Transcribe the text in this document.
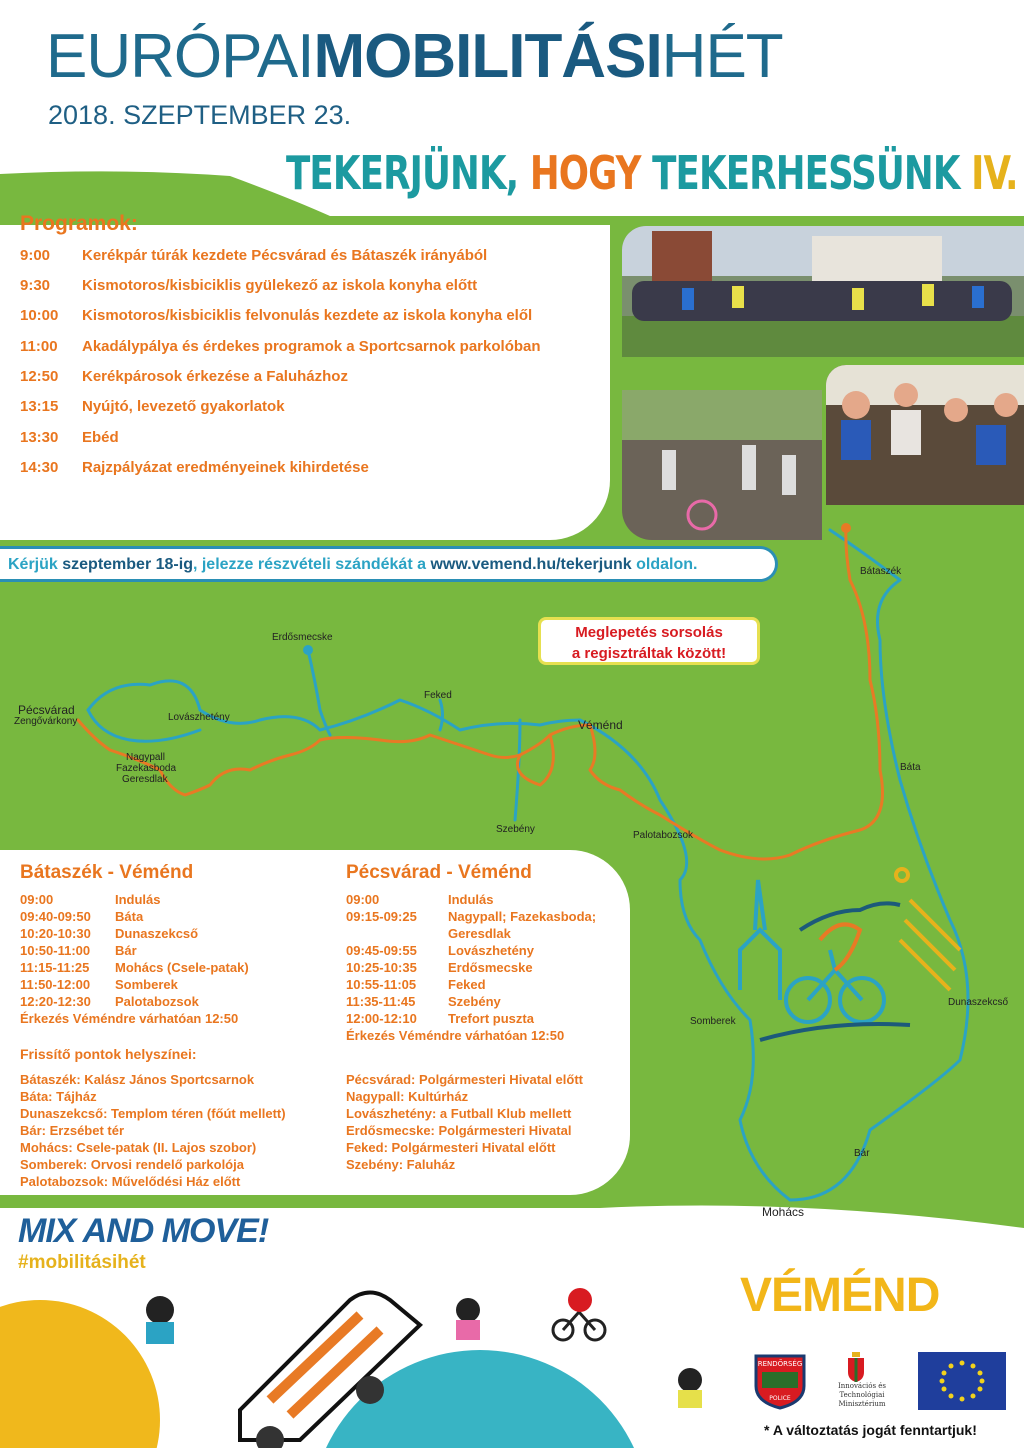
EURÓPAIMOBILITÁSIHÉT
2018. SZEPTEMBER 23.
TEKERJÜNK, HOGY TEKERHESSÜNK IV.
Programok:
9:00 Kerékpár túrák kezdete Pécsvárad és Bátaszék irányából
9:30 Kismotoros/kisbiciklis gyülekező az iskola konyha előtt
10:00 Kismotoros/kisbiciklis felvonulás kezdete az iskola konyha elől
11:00 Akadálypálya és érdekes programok a Sportcsarnok parkolóban
12:50 Kerékpárosok érkezése a Faluházhoz
13:15 Nyújtó, levezető gyakorlatok
13:30 Ebéd
14:30 Rajzpályázat eredményeinek kihirdetése
Kérjük szeptember 18-ig, jelezze részvételi szándékát a www.vemend.hu/tekerjunk oldalon.
Meglepetés sorsolás
a regisztráltak között!
Bátaszék
Erdősmecske
Pécsvárad
Zengővárkony	Lovászhetény
Feked
Véménd
Nagypall
Fazekasboda
Geresdlak
Báta
Szebény
Palotabozsok
Dunaszekcső
Somberek
Bár
Mohács
Bátaszék - Véménd	Pécsvárad - Véménd
09:00	Indulás
09:40-09:50 Báta
10:20-10:30 Dunaszekcső
10:50-11:00 Bár
11:15-11:25 Mohács (Csele-patak)
11:50-12:00 Somberek
12:20-12:30 Palotabozsok
Érkezés Véméndre várhatóan 12:50
09:00	Indulás
09:15-09:25 Nagypall; Fazekasboda;
Geresdlak
09:45-09:55 Lovászhetény
10:25-10:35 Erdősmecske
10:55-11:05 Feked
11:35-11:45	Szebény
12:00-12:10 Trefort puszta
Érkezés Véméndre várhatóan 12:50
Frissítő pontok helyszínei:
Bátaszék: Kalász János Sportcsarnok
Báta: Tájház
Dunaszekcső: Templom téren (főút mellett)
Bár: Erzsébet tér
Mohács: Csele-patak (II. Lajos szobor)
Somberek: Orvosi rendelő parkolója
Palotabozsok: Művelődési Ház előtt
Pécsvárad: Polgármesteri Hivatal előtt
Nagypall: Kultúrház
Lovászhetény: a Futball Klub mellett
Erdősmecske: Polgármesteri Hivatal
Feked: Polgármesteri Hivatal előtt
Szebény: Faluház
MIX AND MOVE!
#mobilitásihét
VÉMÉND
RENDŐRSÉG
POLICE
Innovációs és Technológiai
Minisztérium
* A változtatás jogát fenntartjuk!
